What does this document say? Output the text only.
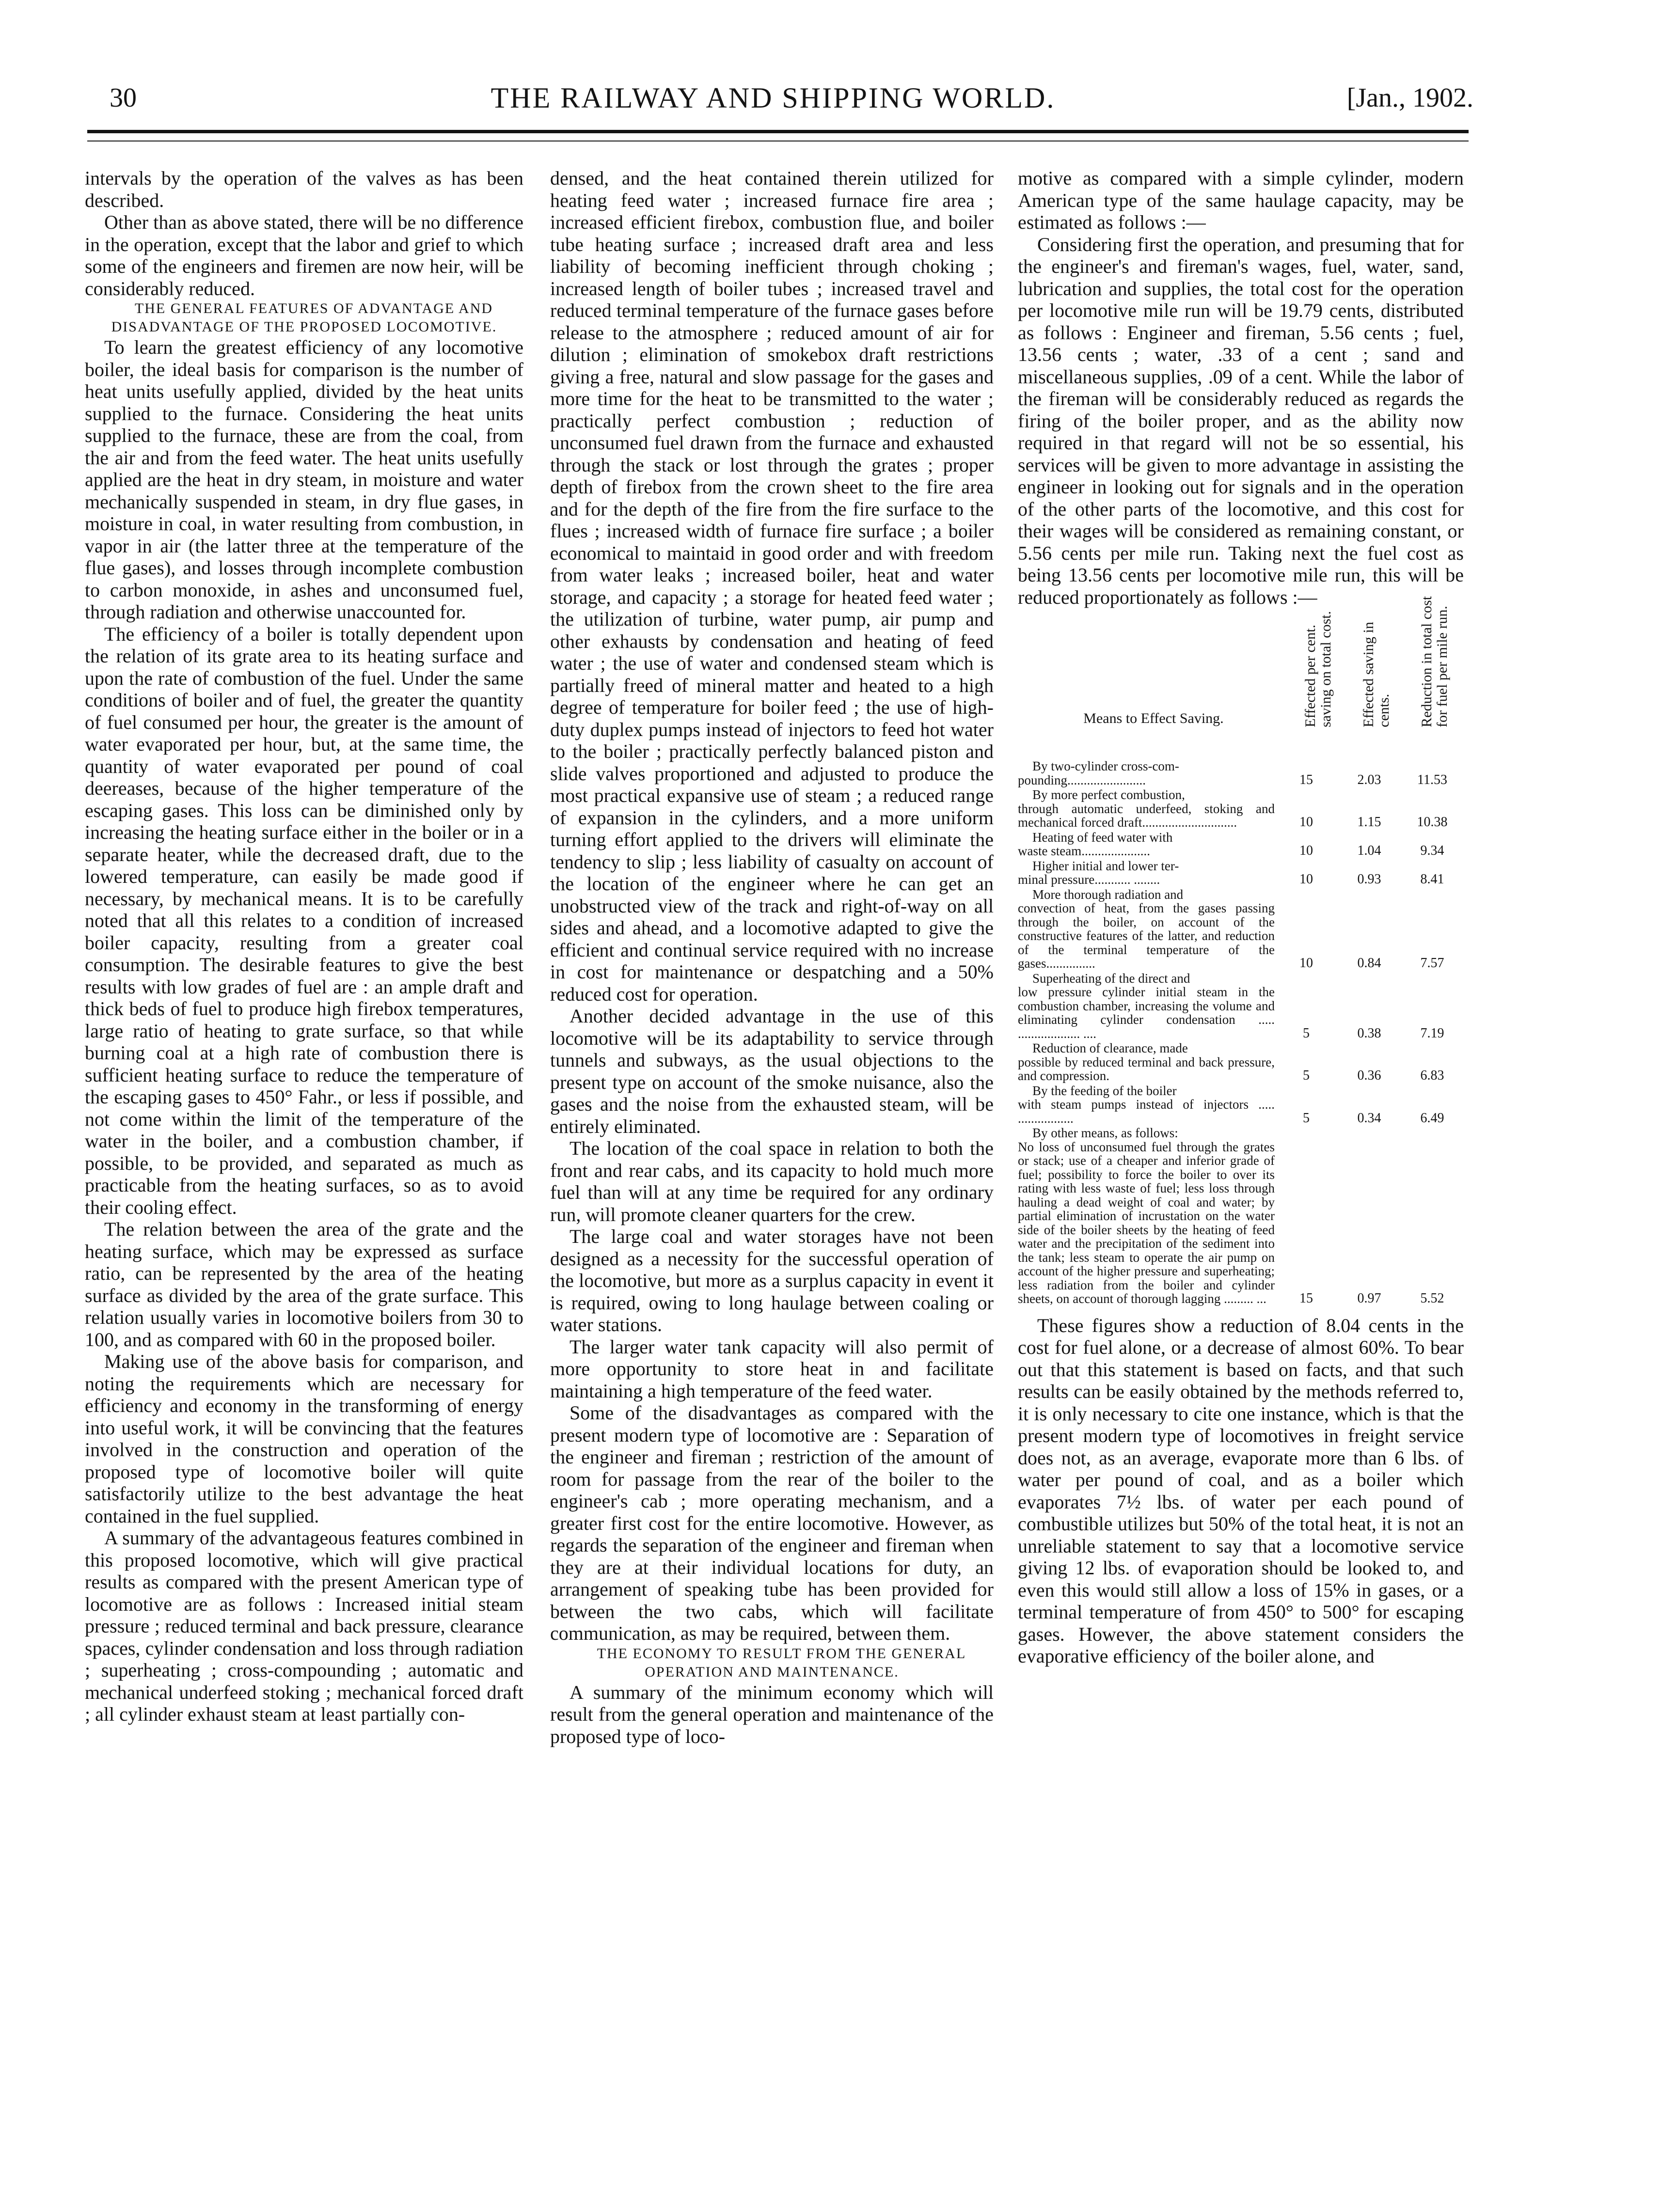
30	THE RAILWAY AND SHIPPING WORLD.	[Jan., 1902.

intervals by the operation of the valves as has been described.

Other than as above stated, there will be no difference in the operation, except that the labor and grief to which some of the engineers and firemen are now heir, will be considerably reduced.

THE GENERAL FEATURES OF ADVANTAGE AND DISADVANTAGE OF THE PROPOSED LOCOMOTIVE.

To learn the greatest efficiency of any locomotive boiler, the ideal basis for comparison is the number of heat units usefully applied, divided by the heat units supplied to the furnace. Considering the heat units supplied to the furnace, these are from the coal, from the air and from the feed water. The heat units usefully applied are the heat in dry steam, in moisture and water mechanically suspended in steam, in dry flue gases, in moisture in coal, in water resulting from combustion, in vapor in air (the latter three at the temperature of the flue gases), and losses through incomplete combustion to carbon monoxide, in ashes and unconsumed fuel, through radiation and otherwise unaccounted for.

The efficiency of a boiler is totally dependent upon the relation of its grate area to its heating surface and upon the rate of combustion of the fuel. Under the same conditions of boiler and of fuel, the greater the quantity of fuel consumed per hour, the greater is the amount of water evaporated per hour, but, at the same time, the quantity of water evaporated per pound of coal deereases, because of the higher temperature of the escaping gases. This loss can be diminished only by increasing the heating surface either in the boiler or in a separate heater, while the decreased draft, due to the lowered temperature, can easily be made good if necessary, by mechanical means. It is to be carefully noted that all this relates to a condition of increased boiler capacity, resulting from a greater coal consumption. The desirable features to give the best results with low grades of fuel are : an ample draft and thick beds of fuel to produce high firebox temperatures, large ratio of heating to grate surface, so that while burning coal at a high rate of combustion there is sufficient heating surface to reduce the temperature of the escaping gases to 450° Fahr., or less if possible, and not come within the limit of the temperature of the water in the boiler, and a combustion chamber, if possible, to be provided, and separated as much as practicable from the heating surfaces, so as to avoid their cooling effect.

The relation between the area of the grate and the heating surface, which may be expressed as surface ratio, can be represented by the area of the heating surface as divided by the area of the grate surface. This relation usually varies in locomotive boilers from 30 to 100, and as compared with 60 in the proposed boiler.

Making use of the above basis for comparison, and noting the requirements which are necessary for efficiency and economy in the transforming of energy into useful work, it will be convincing that the features involved in the construction and operation of the proposed type of locomotive boiler will quite satisfactorily utilize to the best advantage the heat contained in the fuel supplied.

A summary of the advantageous features combined in this proposed locomotive, which will give practical results as compared with the present American type of locomotive are as follows : Increased initial steam pressure ; reduced terminal and back pressure, clearance spaces, cylinder condensation and loss through radiation ; superheating ; cross-compounding ; automatic and mechanical underfeed stoking ; mechanical forced draft ; all cylinder exhaust steam at least partially con-

densed, and the heat contained therein utilized for heating feed water ; increased furnace fire area ; increased efficient firebox, combustion flue, and boiler tube heating surface ; increased draft area and less liability of becoming inefficient through choking ; increased length of boiler tubes ; increased travel and reduced terminal temperature of the furnace gases before release to the atmosphere ; reduced amount of air for dilution ; elimination of smokebox draft restrictions giving a free, natural and slow passage for the gases and more time for the heat to be transmitted to the water ; practically perfect combustion ; reduction of unconsumed fuel drawn from the furnace and exhausted through the stack or lost through the grates ; proper depth of firebox from the crown sheet to the fire area and for the depth of the fire from the fire surface to the flues ; increased width of furnace fire surface ; a boiler economical to maintaid in good order and with freedom from water leaks ; increased boiler, heat and water storage, and capacity ; a storage for heated feed water ; the utilization of turbine, water pump, air pump and other exhausts by condensation and heating of feed water ; the use of water and condensed steam which is partially freed of mineral matter and heated to a high degree of temperature for boiler feed ; the use of high-duty duplex pumps instead of injectors to feed hot water to the boiler ; practically perfectly balanced piston and slide valves proportioned and adjusted to produce the most practical expansive use of steam ; a reduced range of expansion in the cylinders, and a more uniform turning effort applied to the drivers will eliminate the tendency to slip ; less liability of casualty on account of the location of the engineer where he can get an unobstructed view of the track and right-of-way on all sides and ahead, and a locomotive adapted to give the efficient and continual service required with no increase in cost for maintenance or despatching and a 50% reduced cost for operation.

Another decided advantage in the use of this locomotive will be its adaptability to service through tunnels and subways, as the usual objections to the present type on account of the smoke nuisance, also the gases and the noise from the exhausted steam, will be entirely eliminated.

The location of the coal space in relation to both the front and rear cabs, and its capacity to hold much more fuel than will at any time be required for any ordinary run, will promote cleaner quarters for the crew.

The large coal and water storages have not been designed as a necessity for the successful operation of the locomotive, but more as a surplus capacity in event it is required, owing to long haulage between coaling or water stations.

The larger water tank capacity will also permit of more opportunity to store heat in and facilitate maintaining a high temperature of the feed water.

Some of the disadvantages as compared with the present modern type of locomotive are : Separation of the engineer and fireman ; restriction of the amount of room for passage from the rear of the boiler to the engineer's cab ; more operating mechanism, and a greater first cost for the entire locomotive. However, as regards the separation of the engineer and fireman when they are at their individual locations for duty, an arrangement of speaking tube has been provided for between the two cabs, which will facilitate communication, as may be required, between them.

THE ECONOMY TO RESULT FROM THE GENERAL OPERATION AND MAINTENANCE.

A summary of the minimum economy which will result from the general operation and maintenance of the proposed type of loco-

motive as compared with a simple cylinder, modern American type of the same haulage capacity, may be estimated as follows :—

Considering first the operation, and presuming that for the engineer's and fireman's wages, fuel, water, sand, lubrication and supplies, the total cost for the operation per locomotive mile run will be 19.79 cents, distributed as follows : Engineer and fireman, 5.56 cents ; fuel, 13.56 cents ; water, .33 of a cent ; sand and miscellaneous supplies, .09 of a cent. While the labor of the fireman will be considerably reduced as regards the firing of the boiler proper, and as the ability now required in that regard will not be so essential, his services will be given to more advantage in assisting the engineer in looking out for signals and in the operation of the other parts of the locomotive, and this cost for their wages will be considered as remaining constant, or 5.56 cents per mile run. Taking next the fuel cost as being 13.56 cents per locomotive mile run, this will be reduced proportionately as follows :—

Means to Effect Saving.	Effected per cent. saving on total cost. Effected saving in cents. Reduction in total cost for fuel per mile run.
By two-cylinder cross-com-
pounding........................	15	2.03	11.53
By more perfect combustion,
through automatic underfeed, stoking and mechanical forced draft.............................	10	1.15	10.38
Heating of feed water with
waste steam.....................	10	1.04	9.34
Higher initial and lower ter-
minal pressure........... ........	10	0.93	8.41
More thorough radiation and
convection of heat, from the gases passing through the boiler, on account of the constructive features of the latter, and reduction of the terminal temperature of the gases...............	10	0.84	7.57
Superheating of the direct and
low pressure cylinder initial steam in the combustion chamber, increasing the volume and eliminating cylinder condensation ..... ................... ....	5	0.38	7.19
Reduction of clearance, made
possible by reduced terminal and back pressure, and compression.	5	0.36	6.83
By the feeding of the boiler
with steam pumps instead of injectors ..... .................	5	0.34	6.49
By other means, as follows:
No loss of unconsumed fuel through the grates or stack; use of a cheaper and inferior grade of fuel; possibility to force the boiler to over its rating with less waste of fuel; less loss through hauling a dead weight of coal and water; by partial elimination of incrustation on the water side of the boiler sheets by the heating of feed water and the precipitation of the sediment into the tank; less steam to operate the air pump on account of the higher pressure and superheating; less radiation from the boiler and cylinder sheets, on account of thorough lagging ......... ...	15	0.97	5.52

These figures show a reduction of 8.04 cents in the cost for fuel alone, or a decrease of almost 60%. To bear out that this statement is based on facts, and that such results can be easily obtained by the methods referred to, it is only necessary to cite one instance, which is that the present modern type of locomotives in freight service does not, as an average, evaporate more than 6 lbs. of water per pound of coal, and as a boiler which evaporates 7½ lbs. of water per each pound of combustible utilizes but 50% of the total heat, it is not an unreliable statement to say that a locomotive service giving 12 lbs. of evaporation should be looked to, and even this would still allow a loss of 15% in gases, or a terminal temperature of from 450° to 500° for escaping gases. However, the above statement considers the evaporative efficiency of the boiler alone, and
